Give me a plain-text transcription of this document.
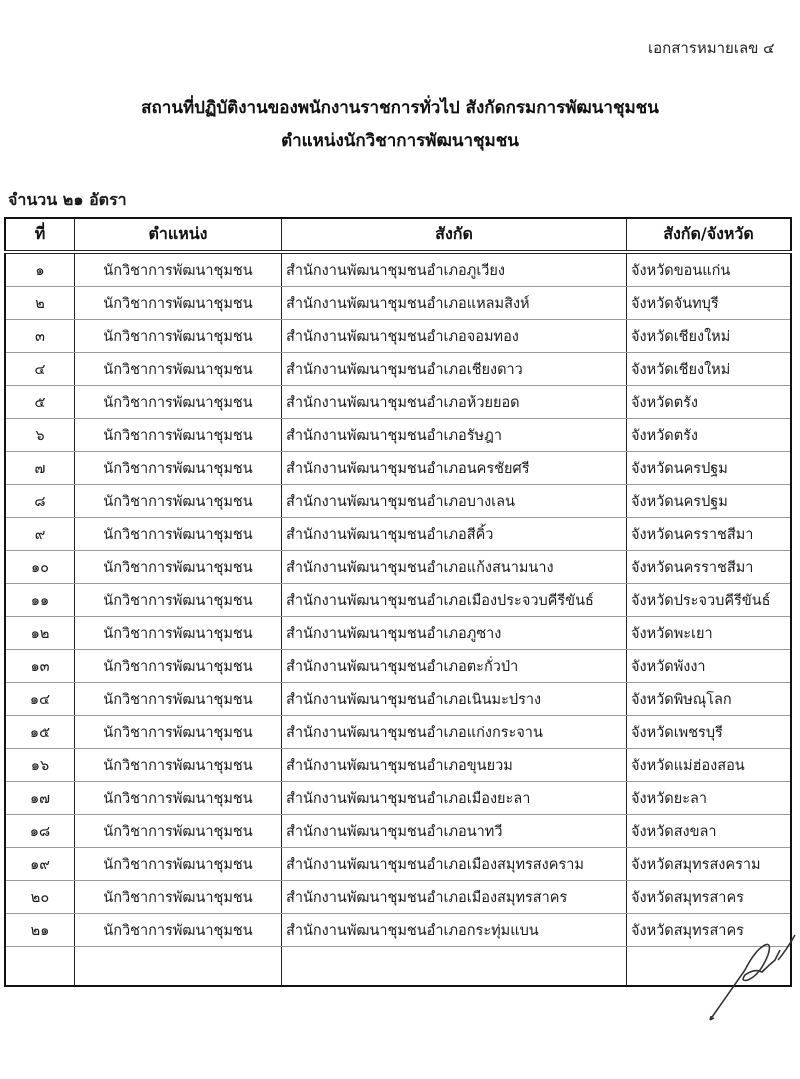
เอกสารหมายเลข ๔
สถานที่ปฏิบัติงานของพนักงานราชการทั่วไป สังกัดกรมการพัฒนาชุมชน
ตำแหน่งนักวิชาการพัฒนาชุมชน
จำนวน ๒๑ อัตรา
ที่	ตำแหน่ง	สังกัด	สังกัด/จังหวัด
๑	นักวิชาการพัฒนาชุมชน	สำนักงานพัฒนาชุมชนอำเภอภูเวียง	จังหวัดขอนแก่น
๒	นักวิชาการพัฒนาชุมชน	สำนักงานพัฒนาชุมชนอำเภอแหลมสิงห์	จังหวัดจันทบุรี
๓	นักวิชาการพัฒนาชุมชน	สำนักงานพัฒนาชุมชนอำเภอจอมทอง	จังหวัดเชียงใหม่
๔	นักวิชาการพัฒนาชุมชน	สำนักงานพัฒนาชุมชนอำเภอเชียงดาว	จังหวัดเชียงใหม่
๕	นักวิชาการพัฒนาชุมชน	สำนักงานพัฒนาชุมชนอำเภอห้วยยอด	จังหวัดตรัง
๖	นักวิชาการพัฒนาชุมชน	สำนักงานพัฒนาชุมชนอำเภอรัษฎา	จังหวัดตรัง
๗	นักวิชาการพัฒนาชุมชน	สำนักงานพัฒนาชุมชนอำเภอนครชัยศรี	จังหวัดนครปฐม
๘	นักวิชาการพัฒนาชุมชน	สำนักงานพัฒนาชุมชนอำเภอบางเลน	จังหวัดนครปฐม
๙	นักวิชาการพัฒนาชุมชน	สำนักงานพัฒนาชุมชนอำเภอสีคิ้ว	จังหวัดนครราชสีมา
๑๐	นักวิชาการพัฒนาชุมชน	สำนักงานพัฒนาชุมชนอำเภอแก้งสนามนาง	จังหวัดนครราชสีมา
๑๑	นักวิชาการพัฒนาชุมชน	สำนักงานพัฒนาชุมชนอำเภอเมืองประจวบคีรีขันธ์	จังหวัดประจวบคีรีขันธ์
๑๒	นักวิชาการพัฒนาชุมชน	สำนักงานพัฒนาชุมชนอำเภอภูซาง	จังหวัดพะเยา
๑๓	นักวิชาการพัฒนาชุมชน	สำนักงานพัฒนาชุมชนอำเภอตะกั่วป่า	จังหวัดพังงา
๑๔	นักวิชาการพัฒนาชุมชน	สำนักงานพัฒนาชุมชนอำเภอเนินมะปราง	จังหวัดพิษณุโลก
๑๕	นักวิชาการพัฒนาชุมชน	สำนักงานพัฒนาชุมชนอำเภอแก่งกระจาน	จังหวัดเพชรบุรี
๑๖	นักวิชาการพัฒนาชุมชน	สำนักงานพัฒนาชุมชนอำเภอขุนยวม	จังหวัดแม่ฮ่องสอน
๑๗	นักวิชาการพัฒนาชุมชน	สำนักงานพัฒนาชุมชนอำเภอเมืองยะลา	จังหวัดยะลา
๑๘	นักวิชาการพัฒนาชุมชน	สำนักงานพัฒนาชุมชนอำเภอนาทวี	จังหวัดสงขลา
๑๙	นักวิชาการพัฒนาชุมชน	สำนักงานพัฒนาชุมชนอำเภอเมืองสมุทรสงคราม	จังหวัดสมุทรสงคราม
๒๐	นักวิชาการพัฒนาชุมชน	สำนักงานพัฒนาชุมชนอำเภอเมืองสมุทรสาคร	จังหวัดสมุทรสาคร
๒๑	นักวิชาการพัฒนาชุมชน	สำนักงานพัฒนาชุมชนอำเภอกระทุ่มแบน	จังหวัดสมุทรสาคร
